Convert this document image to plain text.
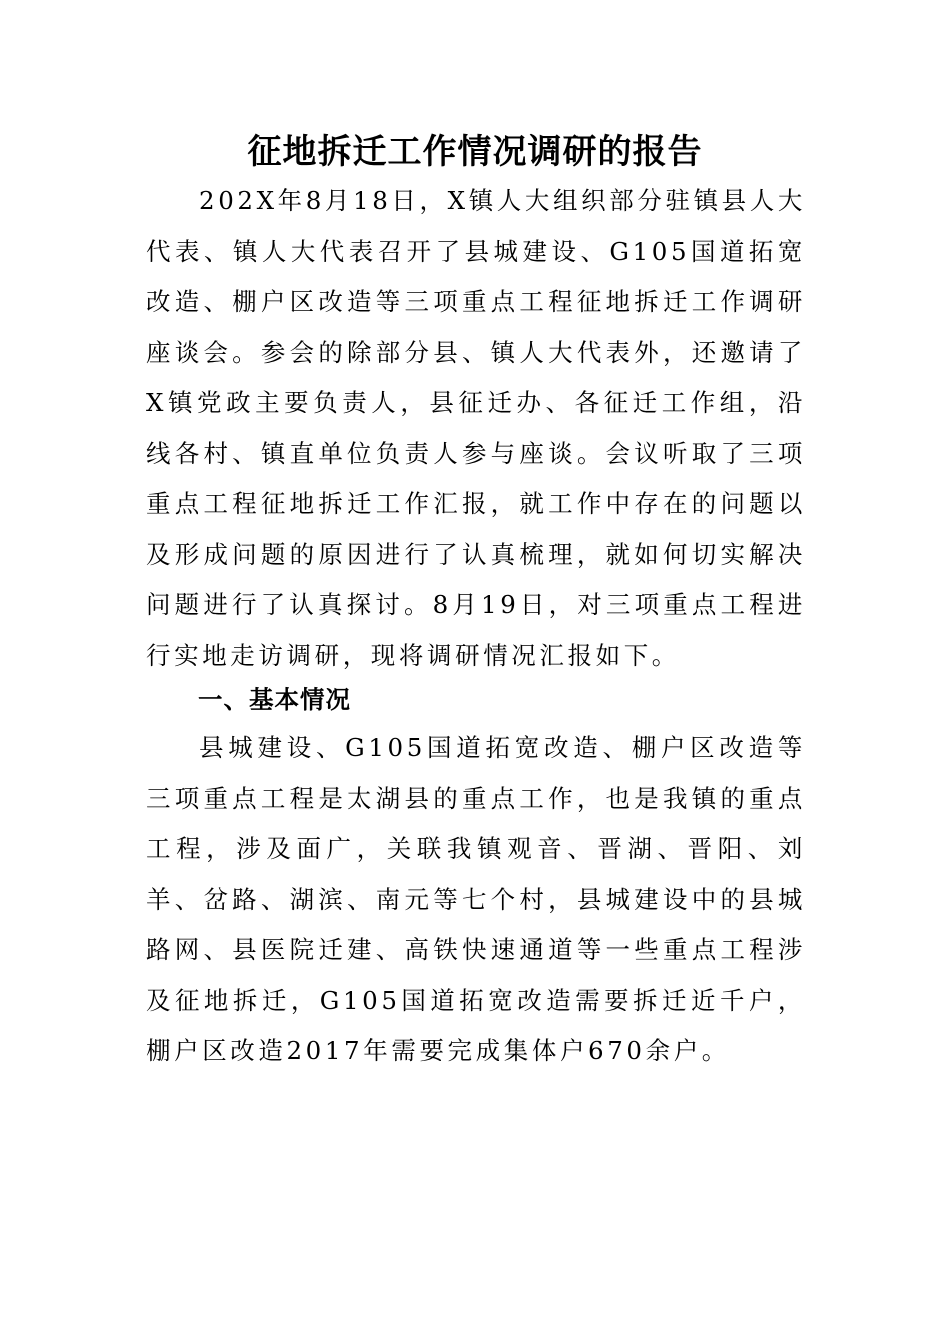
征地拆迁工作情况调研的报告

202X年8月18日，X镇人大组织部分驻镇县人大代表、镇人大代表召开了县城建设、G105国道拓宽改造、棚户区改造等三项重点工程征地拆迁工作调研座谈会。参会的除部分县、镇人大代表外，还邀请了X镇党政主要负责人，县征迁办、各征迁工作组，沿线各村、镇直单位负责人参与座谈。会议听取了三项重点工程征地拆迁工作汇报，就工作中存在的问题以及形成问题的原因进行了认真梳理，就如何切实解决问题进行了认真探讨。8月19日，对三项重点工程进行实地走访调研，现将调研情况汇报如下。

一、基本情况

县城建设、G105国道拓宽改造、棚户区改造等三项重点工程是太湖县的重点工作，也是我镇的重点工程，涉及面广，关联我镇观音、晋湖、晋阳、刘羊、岔路、湖滨、南元等七个村，县城建设中的县城路网、县医院迁建、高铁快速通道等一些重点工程涉及征地拆迁，G105国道拓宽改造需要拆迁近千户，棚户区改造2017年需要完成集体户670余户。
